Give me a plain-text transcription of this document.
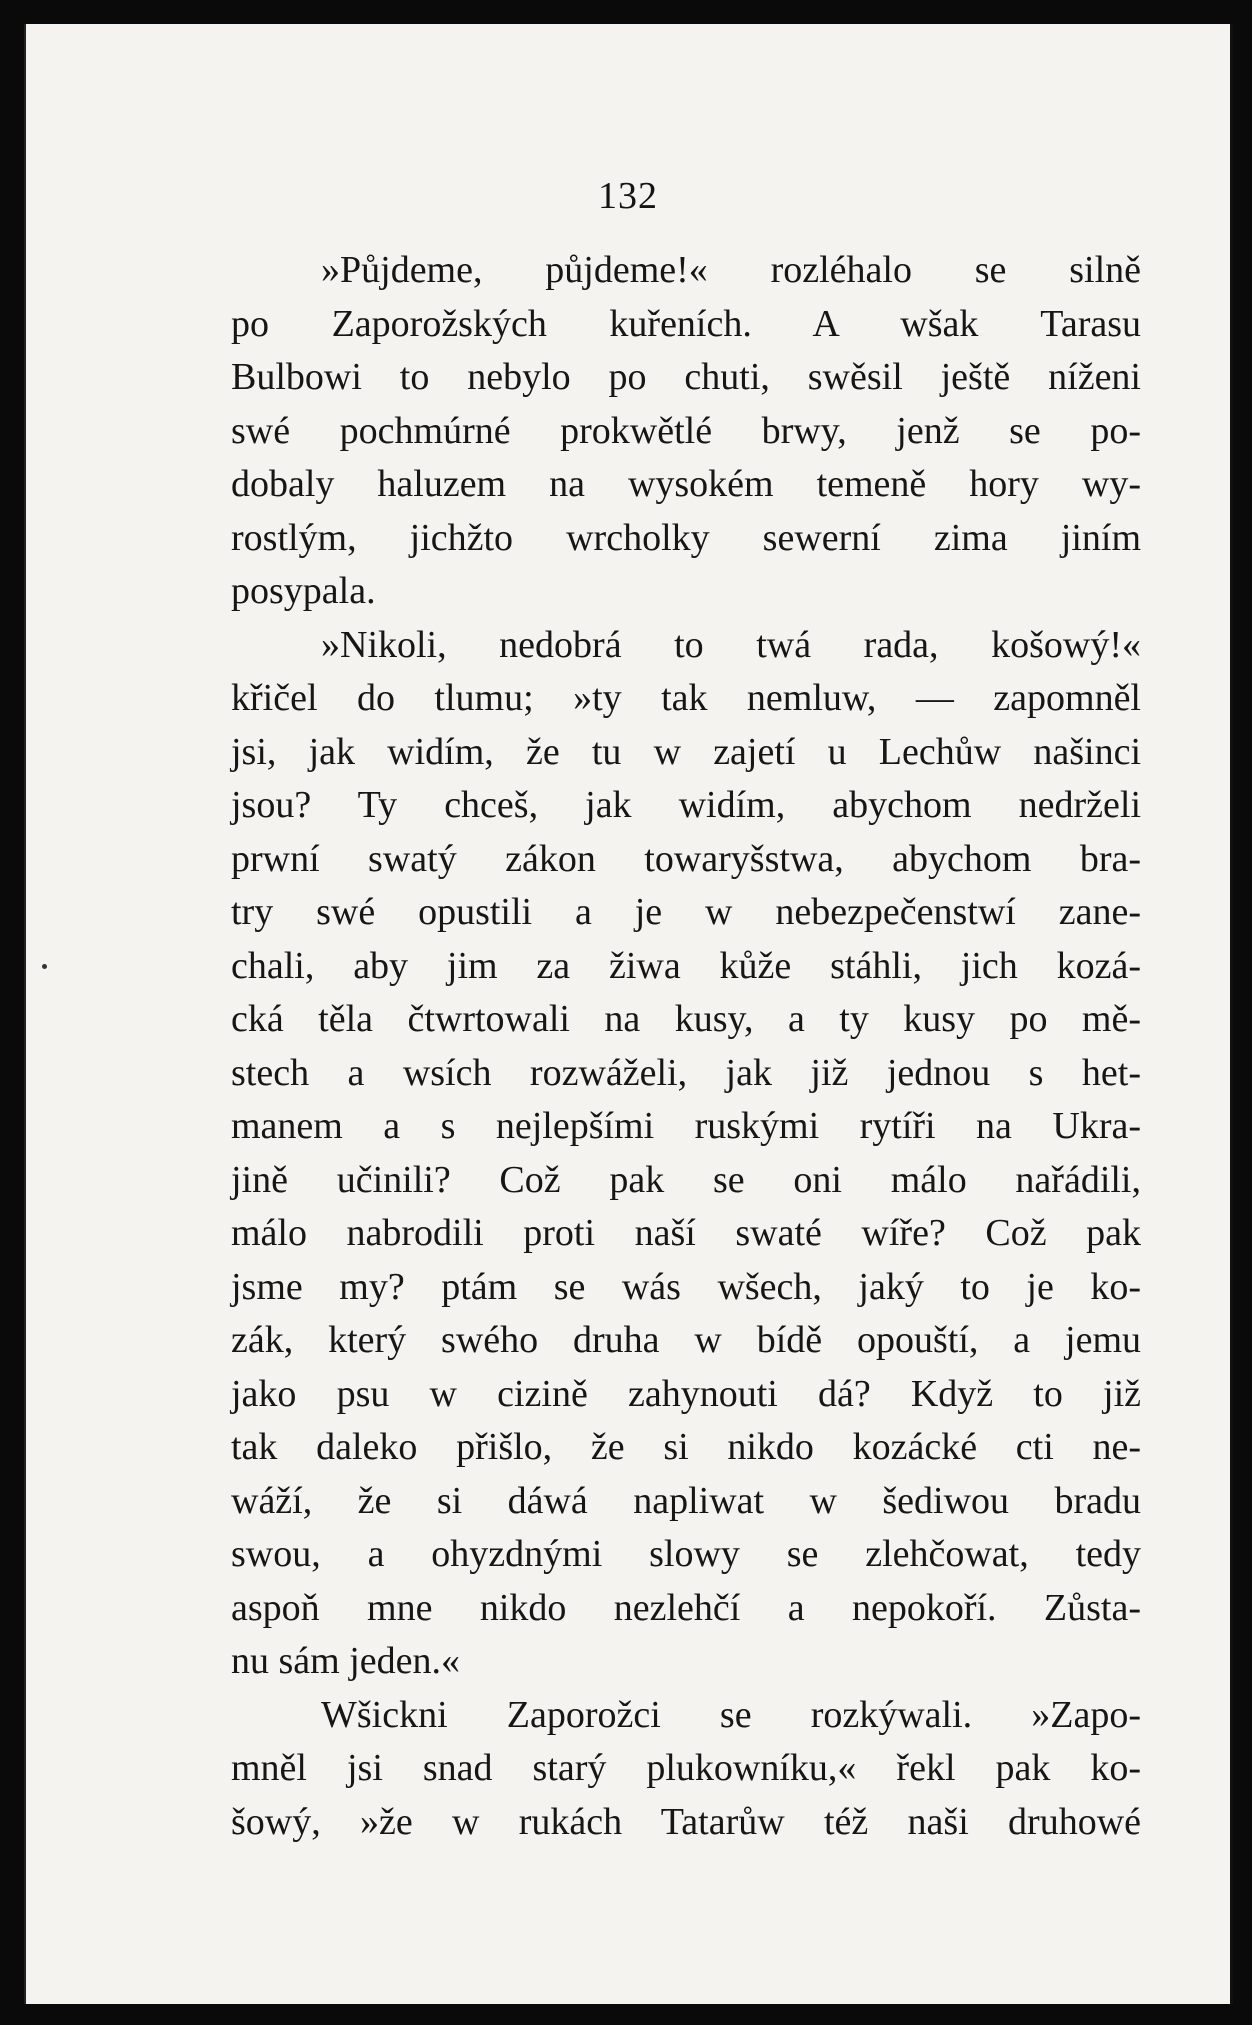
132
»Půjdeme, půjdeme!« rozléhalo se silně
po Zaporožských kuřeních. A wšak Tarasu
Bulbowi to nebylo po chuti, swěsil ještě níženi
swé pochmúrné prokwětlé brwy, jenž se po-
dobaly haluzem na wysokém temeně hory wy-
rostlým, jichžto wrcholky sewerní zima jiním
posypala.
»Nikoli, nedobrá to twá rada, košowý!«
křičel do tlumu; »ty tak nemluw, — zapomněl
jsi, jak widím, že tu w zajetí u Lechůw našinci
jsou? Ty chceš, jak widím, abychom nedrželi
prwní swatý zákon towaryšstwa, abychom bra-
try swé opustili a je w nebezpečenstwí zane-
chali, aby jim za žiwa kůže stáhli, jich kozá-
cká těla čtwrtowali na kusy, a ty kusy po mě-
stech a wsích rozwáželi, jak již jednou s het-
manem a s nejlepšími ruskými rytíři na Ukra-
jině učinili? Což pak se oni málo nařádili,
málo nabrodili proti naší swaté wíře? Což pak
jsme my? ptám se wás wšech, jaký to je ko-
zák, který swého druha w bídě opouští, a jemu
jako psu w cizině zahynouti dá? Když to již
tak daleko přišlo, že si nikdo kozácké cti ne-
wáží, že si dáwá napliwat w šediwou bradu
swou, a ohyzdnými slowy se zlehčowat, tedy
aspoň mne nikdo nezlehčí a nepokoří. Zůsta-
nu sám jeden.«
Wšickni Zaporožci se rozkýwali. »Zapo-
mněl jsi snad starý plukowníku,« řekl pak ko-
šowý, »že w rukách Tatarůw též naši druhowé
